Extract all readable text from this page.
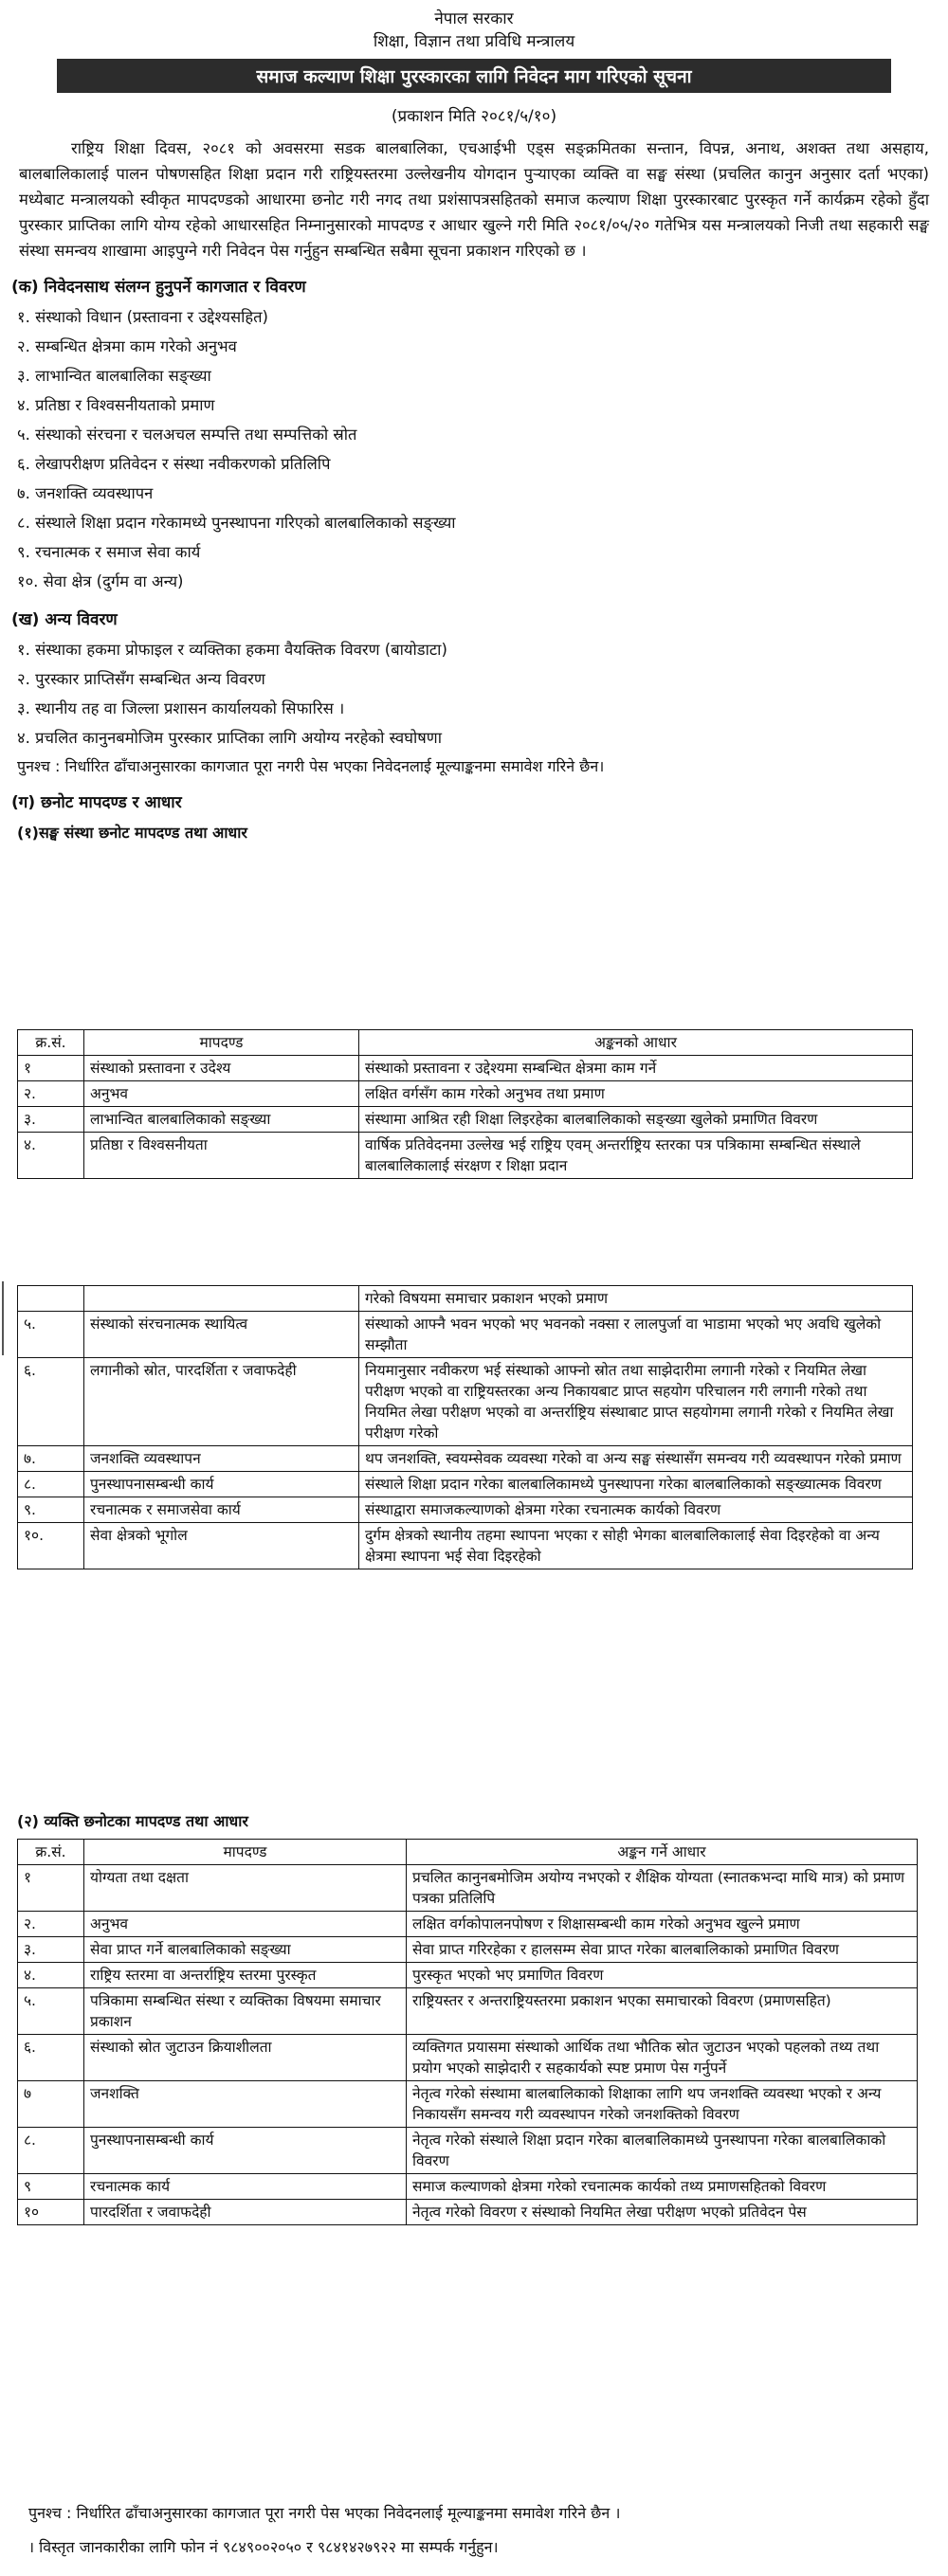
नेपाल सरकार
शिक्षा, विज्ञान तथा प्रविधि मन्त्रालय
समाज कल्याण शिक्षा पुरस्कारका लागि निवेदन माग गरिएको सूचना
(प्रकाशन मिति २०८१/५/१०)
राष्ट्रिय शिक्षा दिवस, २०८१ को अवसरमा सडक बालबालिका, एचआईभी एड्स सङ्क्रमितका सन्तान, विपन्न, अनाथ, अशक्त तथा असहाय, बालबालिकालाई पालन पोषणसहित शिक्षा प्रदान गरी राष्ट्रियस्तरमा उल्लेखनीय योगदान पुऱ्याएका व्यक्ति वा सङ्घ संस्था (प्रचलित कानुन अनुसार दर्ता भएका) मध्येबाट मन्त्रालयको स्वीकृत मापदण्डको आधारमा छनोट गरी नगद तथा प्रशंसापत्रसहितको समाज कल्याण शिक्षा पुरस्कारबाट पुरस्कृत गर्ने कार्यक्रम रहेको हुँदा पुरस्कार प्राप्तिका लागि योग्य रहेको आधारसहित निम्नानुसारको मापदण्ड र आधार खुल्ने गरी मिति २०८१/०५/२० गतेभित्र यस मन्त्रालयको निजी तथा सहकारी सङ्घ संस्था समन्वय शाखामा आइपुग्ने गरी निवेदन पेस गर्नुहुन सम्बन्धित सबैमा सूचना प्रकाशन गरिएको छ ।
(क) निवेदनसाथ संलग्न हुनुपर्ने कागजात र विवरण
१. संस्थाको विधान (प्रस्तावना र उद्देश्यसहित)
२. सम्बन्धित क्षेत्रमा काम गरेको अनुभव
३. लाभान्वित बालबालिका सङ्ख्या
४. प्रतिष्ठा र विश्वसनीयताको प्रमाण
५. संस्थाको संरचना र चलअचल सम्पत्ति तथा सम्पत्तिको स्रोत
६. लेखापरीक्षण प्रतिवेदन र संस्था नवीकरणको प्रतिलिपि
७. जनशक्ति व्यवस्थापन
८. संस्थाले शिक्षा प्रदान गरेकामध्ये पुनस्थापना गरिएको बालबालिकाको सङ्ख्या
९. रचनात्मक र समाज सेवा कार्य
१०. सेवा क्षेत्र (दुर्गम वा अन्य)
(ख) अन्य विवरण
१. संस्थाका हकमा प्रोफाइल र व्यक्तिका हकमा वैयक्तिक विवरण (बायोडाटा)
२. पुरस्कार प्राप्तिसँग सम्बन्धित अन्य विवरण
३. स्थानीय तह वा जिल्ला प्रशासन कार्यालयको सिफारिस ।
४. प्रचलित कानुनबमोजिम पुरस्कार प्राप्तिका लागि अयोग्य नरहेको स्वघोषणा
पुनश्च : निर्धारित ढाँचाअनुसारका कागजात पूरा नगरी पेस भएका निवेदनलाई मूल्याङ्कनमा समावेश गरिने छैन।
(ग) छनोट मापदण्ड र आधार
(१)सङ्घ संस्था छनोट मापदण्ड तथा आधार
क्र.सं.	मापदण्ड	अङ्कनको आधार
१	संस्थाको प्रस्तावना र उदेश्य	संस्थाको प्रस्तावना र उद्देश्यमा सम्बन्धित क्षेत्रमा काम गर्ने
२.	अनुभव	लक्षित वर्गसँग काम गरेको अनुभव तथा प्रमाण
३.	लाभान्वित बालबालिकाको सङ्ख्या	संस्थामा आश्रित रही शिक्षा लिइरहेका बालबालिकाको सङ्ख्या खुलेको प्रमाणित विवरण
४.	प्रतिष्ठा र विश्वसनीयता	वार्षिक प्रतिवेदनमा उल्लेख भई राष्ट्रिय एवम् अन्तर्राष्ट्रिय स्तरका पत्र पत्रिकामा सम्बन्धित संस्थाले बालबालिकालाई संरक्षण र शिक्षा प्रदान
		गरेको विषयमा समाचार प्रकाशन भएको प्रमाण
५.	संस्थाको संरचनात्मक स्थायित्व	संस्थाको आफ्नै भवन भएको भए भवनको नक्सा र लालपुर्जा वा भाडामा भएको भए अवधि खुलेको सम्झौता
६.	लगानीको स्रोत, पारदर्शिता र जवाफदेही	नियमानुसार नवीकरण भई संस्थाको आफ्नो स्रोत तथा साझेदारीमा लगानी गरेको र नियमित लेखा परीक्षण भएको वा राष्ट्रियस्तरका अन्य निकायबाट प्राप्त सहयोग परिचालन गरी लगानी गरेको तथा नियमित लेखा परीक्षण भएको वा अन्तर्राष्ट्रिय संस्थाबाट प्राप्त सहयोगमा लगानी गरेको र नियमित लेखा परीक्षण गरेको
७.	जनशक्ति व्यवस्थापन	थप जनशक्ति, स्वयम्सेवक व्यवस्था गरेको वा अन्य सङ्घ संस्थासँग समन्वय गरी व्यवस्थापन गरेको प्रमाण
८.	पुनस्थापनासम्बन्धी कार्य	संस्थाले शिक्षा प्रदान गरेका बालबालिकामध्ये पुनस्थापना गरेका बालबालिकाको सङ्ख्यात्मक विवरण
९.	रचनात्मक र समाजसेवा कार्य	संस्थाद्वारा समाजकल्याणको क्षेत्रमा गरेका रचनात्मक कार्यको विवरण
१०.	सेवा क्षेत्रको भूगोल	दुर्गम क्षेत्रको स्थानीय तहमा स्थापना भएका र सोही भेगका बालबालिकालाई सेवा दिइरहेको वा अन्य क्षेत्रमा स्थापना भई सेवा दिइरहेको
(२) व्यक्ति छनोटका मापदण्ड तथा आधार
क्र.सं.	मापदण्ड	अङ्कन गर्ने आधार
१	योग्यता तथा दक्षता	प्रचलित कानुनबमोजिम अयोग्य नभएको र शैक्षिक योग्यता (स्नातकभन्दा माथि मात्र) को प्रमाण पत्रका प्रतिलिपि
२.	अनुभव	लक्षित वर्गकोपालनपोषण र शिक्षासम्बन्धी काम गरेको अनुभव खुल्ने प्रमाण
३.	सेवा प्राप्त गर्ने बालबालिकाको सङ्ख्या	सेवा प्राप्त गरिरहेका र हालसम्म सेवा प्राप्त गरेका बालबालिकाको प्रमाणित विवरण
४.	राष्ट्रिय स्तरमा वा अन्तर्राष्ट्रिय स्तरमा पुरस्कृत	पुरस्कृत भएको भए प्रमाणित विवरण
५.	पत्रिकामा सम्बन्धित संस्था र व्यक्तिका विषयमा समाचार प्रकाशन	राष्ट्रियस्तर र अन्तराष्ट्रियस्तरमा प्रकाशन भएका समाचारको विवरण (प्रमाणसहित)
६.	संस्थाको स्रोत जुटाउन क्रियाशीलता	व्यक्तिगत प्रयासमा संस्थाको आर्थिक तथा भौतिक स्रोत जुटाउन भएको पहलको तथ्य तथा प्रयोग भएको साझेदारी र सहकार्यको स्पष्ट प्रमाण पेस गर्नुपर्ने
७	जनशक्ति	नेतृत्व गरेको संस्थामा बालबालिकाको शिक्षाका लागि थप जनशक्ति व्यवस्था भएको र अन्य निकायसँग समन्वय गरी व्यवस्थापन गरेको जनशक्तिको विवरण
८.	पुनस्थापनासम्बन्धी कार्य	नेतृत्व गरेको संस्थाले शिक्षा प्रदान गरेका बालबालिकामध्ये पुनस्थापना गरेका बालबालिकाको विवरण
९	रचनात्मक कार्य	समाज कल्याणको क्षेत्रमा गरेको रचनात्मक कार्यको तथ्य प्रमाणसहितको विवरण
१०	पारदर्शिता र जवाफदेही	नेतृत्व गरेको विवरण र संस्थाको नियमित लेखा परीक्षण भएको प्रतिवेदन पेस
पुनश्च : निर्धारित ढाँचाअनुसारका कागजात पूरा नगरी पेस भएका निवेदनलाई मूल्याङ्कनमा समावेश गरिने छैन ।
। विस्तृत जानकारीका लागि फोन नं ९८४९००२०५० र ९८४१४२७९२२ मा सम्पर्क गर्नुहुन।
